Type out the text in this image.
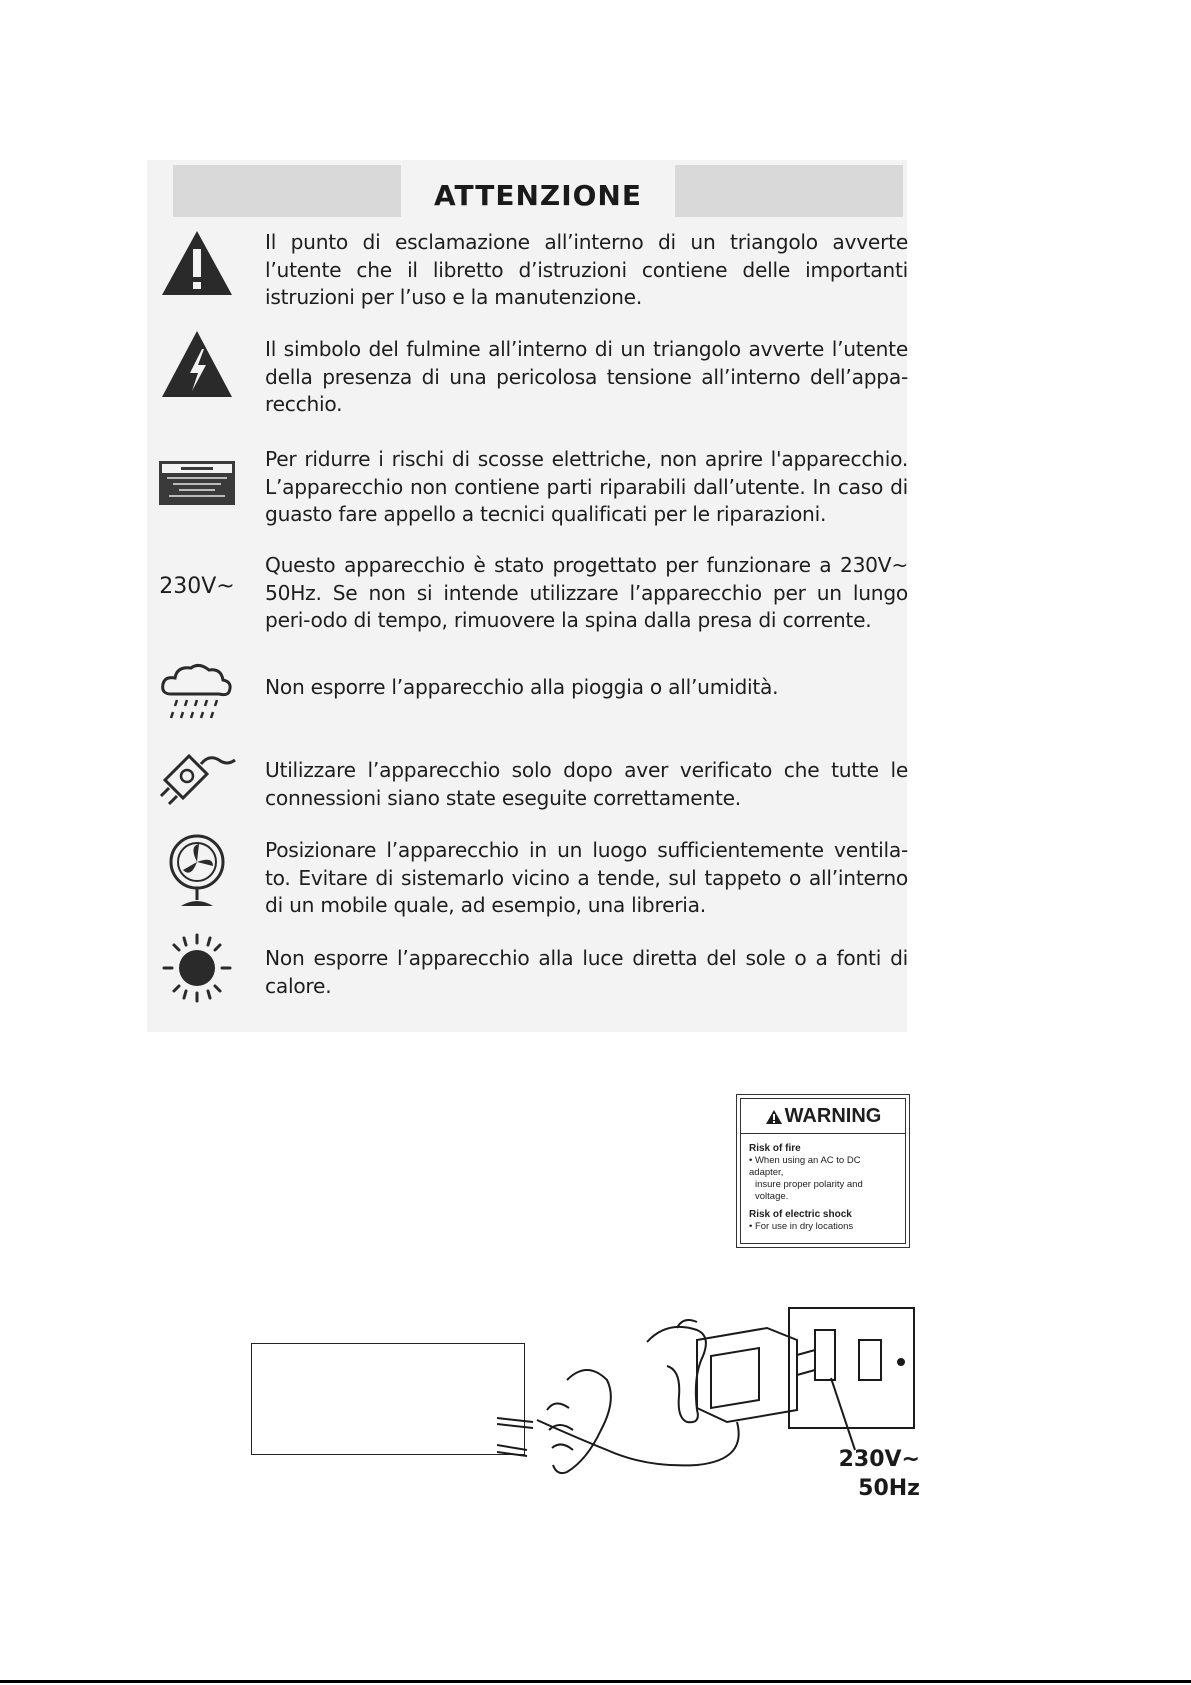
ATTENZIONE

Il punto di esclamazione all’interno di un triangolo avverte l’utente che il libretto d’istruzioni contiene delle importanti istruzioni per l’uso e la manutenzione.

Il simbolo del fulmine all’interno di un triangolo avverte l’utente della presenza di una pericolosa tensione all’interno dell’appa-recchio.

Per ridurre i rischi di scosse elettriche, non aprire l'apparecchio. L’apparecchio non contiene parti riparabili dall’utente. In caso di guasto fare appello a tecnici qualificati per le riparazioni.

230V~

Questo apparecchio è stato progettato per funzionare a 230V~ 50Hz. Se non si intende utilizzare l’apparecchio per un lungo peri-odo di tempo, rimuovere la spina dalla presa di corrente.

Non esporre l’apparecchio alla pioggia o all’umidità.

Utilizzare l’apparecchio solo dopo aver verificato che tutte le connessioni siano state eseguite correttamente.

Posizionare l’apparecchio in un luogo sufficientemente ventila-to. Evitare di sistemarlo vicino a tende, sul tappeto o all’interno di un mobile quale, ad esempio, una libreria.

Non esporre l’apparecchio alla luce diretta del sole o a fonti di calore.

WARNING

Risk of fire

• When using an AC to DC adapter,

insure proper polarity and voltage.

Risk of electric shock

• For use in dry locations

230V~
50Hz
